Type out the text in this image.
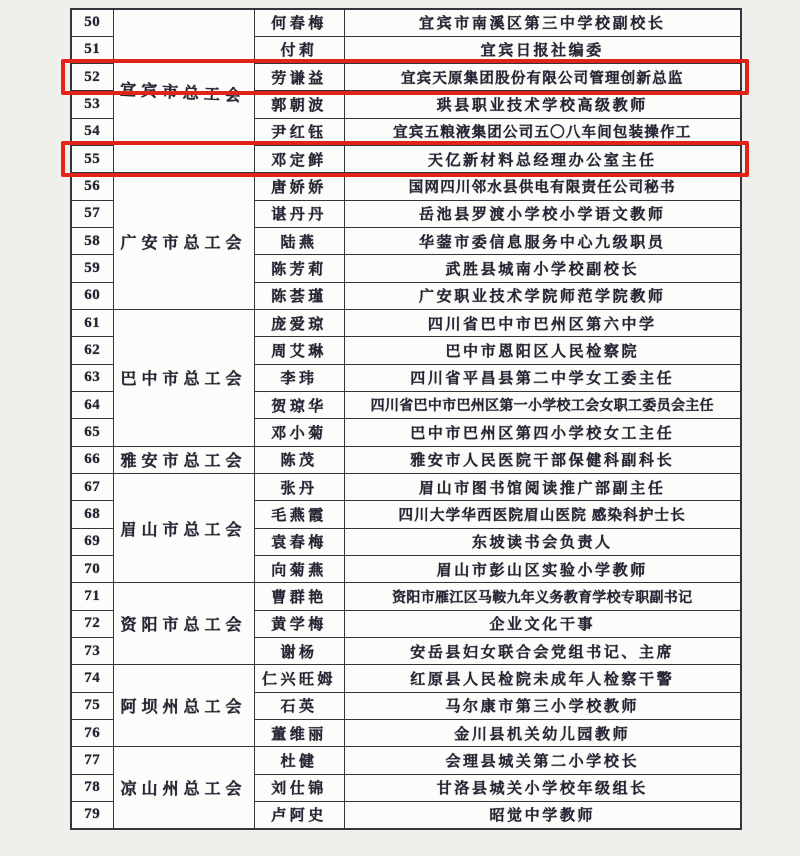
50	宜宾市总工会	何春梅	宜宾市南溪区第三中学校副校长
51		付莉	宜宾日报社编委
52		劳谦益	宜宾天原集团股份有限公司管理创新总监
53		郭朝波	珙县职业技术学校高级教师
54		尹红钰	宜宾五粮液集团公司五〇八车间包装操作工
55		邓定鲜	天亿新材料总经理办公室主任
56	广安市总工会	唐娇娇	国网四川邻水县供电有限责任公司秘书
57		谌丹丹	岳池县罗渡小学校小学语文教师
58		陆燕	华蓥市委信息服务中心九级职员
59		陈芳莉	武胜县城南小学校副校长
60		陈荟瑾	广安职业技术学院师范学院教师
61	巴中市总工会	庞爱琼	四川省巴中市巴州区第六中学
62		周艾琳	巴中市恩阳区人民检察院
63		李玮	四川省平昌县第二中学女工委主任
64		贺琼华	四川省巴中市巴州区第一小学校工会女职工委员会主任
65		邓小菊	巴中市巴州区第四小学校女工主任
66	雅安市总工会	陈茂	雅安市人民医院干部保健科副科长
67	眉山市总工会	张丹	眉山市图书馆阅读推广部副主任
68		毛燕霞	四川大学华西医院眉山医院 感染科护士长
69		袁春梅	东坡读书会负责人
70		向菊燕	眉山市彭山区实验小学教师
71	资阳市总工会	曹群艳	资阳市雁江区马鞍九年义务教育学校专职副书记
72		黄学梅	企业文化干事
73		谢杨	安岳县妇女联合会党组书记、主席
74	阿坝州总工会	仁兴旺姆	红原县人民检院未成年人检察干警
75		石英	马尔康市第三小学校教师
76		董维丽	金川县机关幼儿园教师
77	凉山州总工会	杜健	会理县城关第二小学校长
78		刘仕锦	甘洛县城关小学校年级组长
79		卢阿史	昭觉中学教师
